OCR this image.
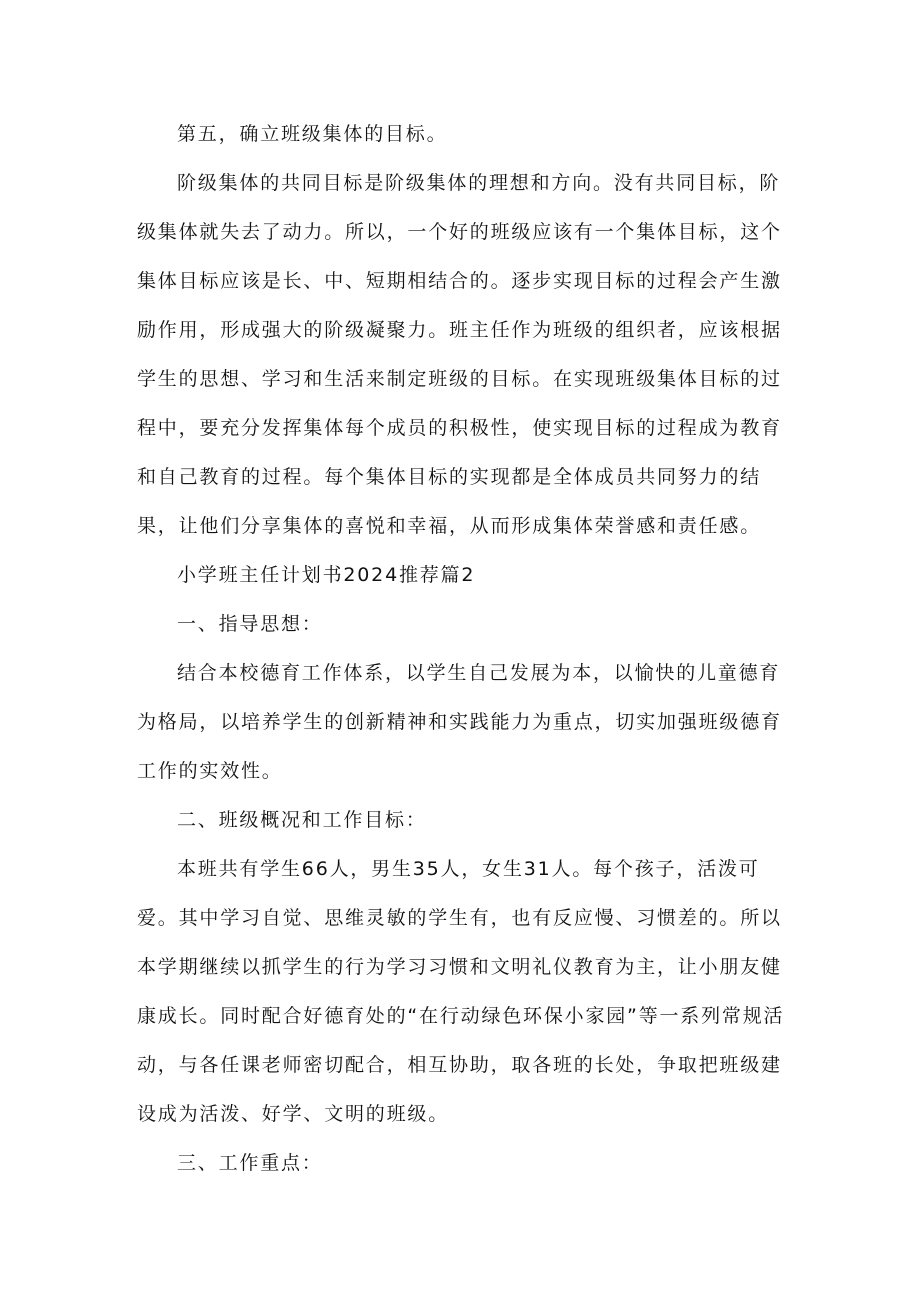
第五，确立班级集体的目标。

阶级集体的共同目标是阶级集体的理想和方向。没有共同目标，阶级集体就失去了动力。所以，一个好的班级应该有一个集体目标，这个集体目标应该是长、中、短期相结合的。逐步实现目标的过程会产生激励作用，形成强大的阶级凝聚力。班主任作为班级的组织者，应该根据学生的思想、学习和生活来制定班级的目标。在实现班级集体目标的过程中，要充分发挥集体每个成员的积极性，使实现目标的过程成为教育和自己教育的过程。每个集体目标的实现都是全体成员共同努力的结果，让他们分享集体的喜悦和幸福，从而形成集体荣誉感和责任感。

小学班主任计划书2024推荐篇2

一、指导思想：

结合本校德育工作体系，以学生自己发展为本，以愉快的儿童德育为格局，以培养学生的创新精神和实践能力为重点，切实加强班级德育工作的实效性。

二、班级概况和工作目标：

本班共有学生66人，男生35人，女生31人。每个孩子，活泼可爱。其中学习自觉、思维灵敏的学生有，也有反应慢、习惯差的。所以本学期继续以抓学生的行为学习习惯和文明礼仪教育为主，让小朋友健康成长。同时配合好德育处的“在行动绿色环保小家园”等一系列常规活动，与各任课老师密切配合，相互协助，取各班的长处，争取把班级建设成为活泼、好学、文明的班级。

三、工作重点：
